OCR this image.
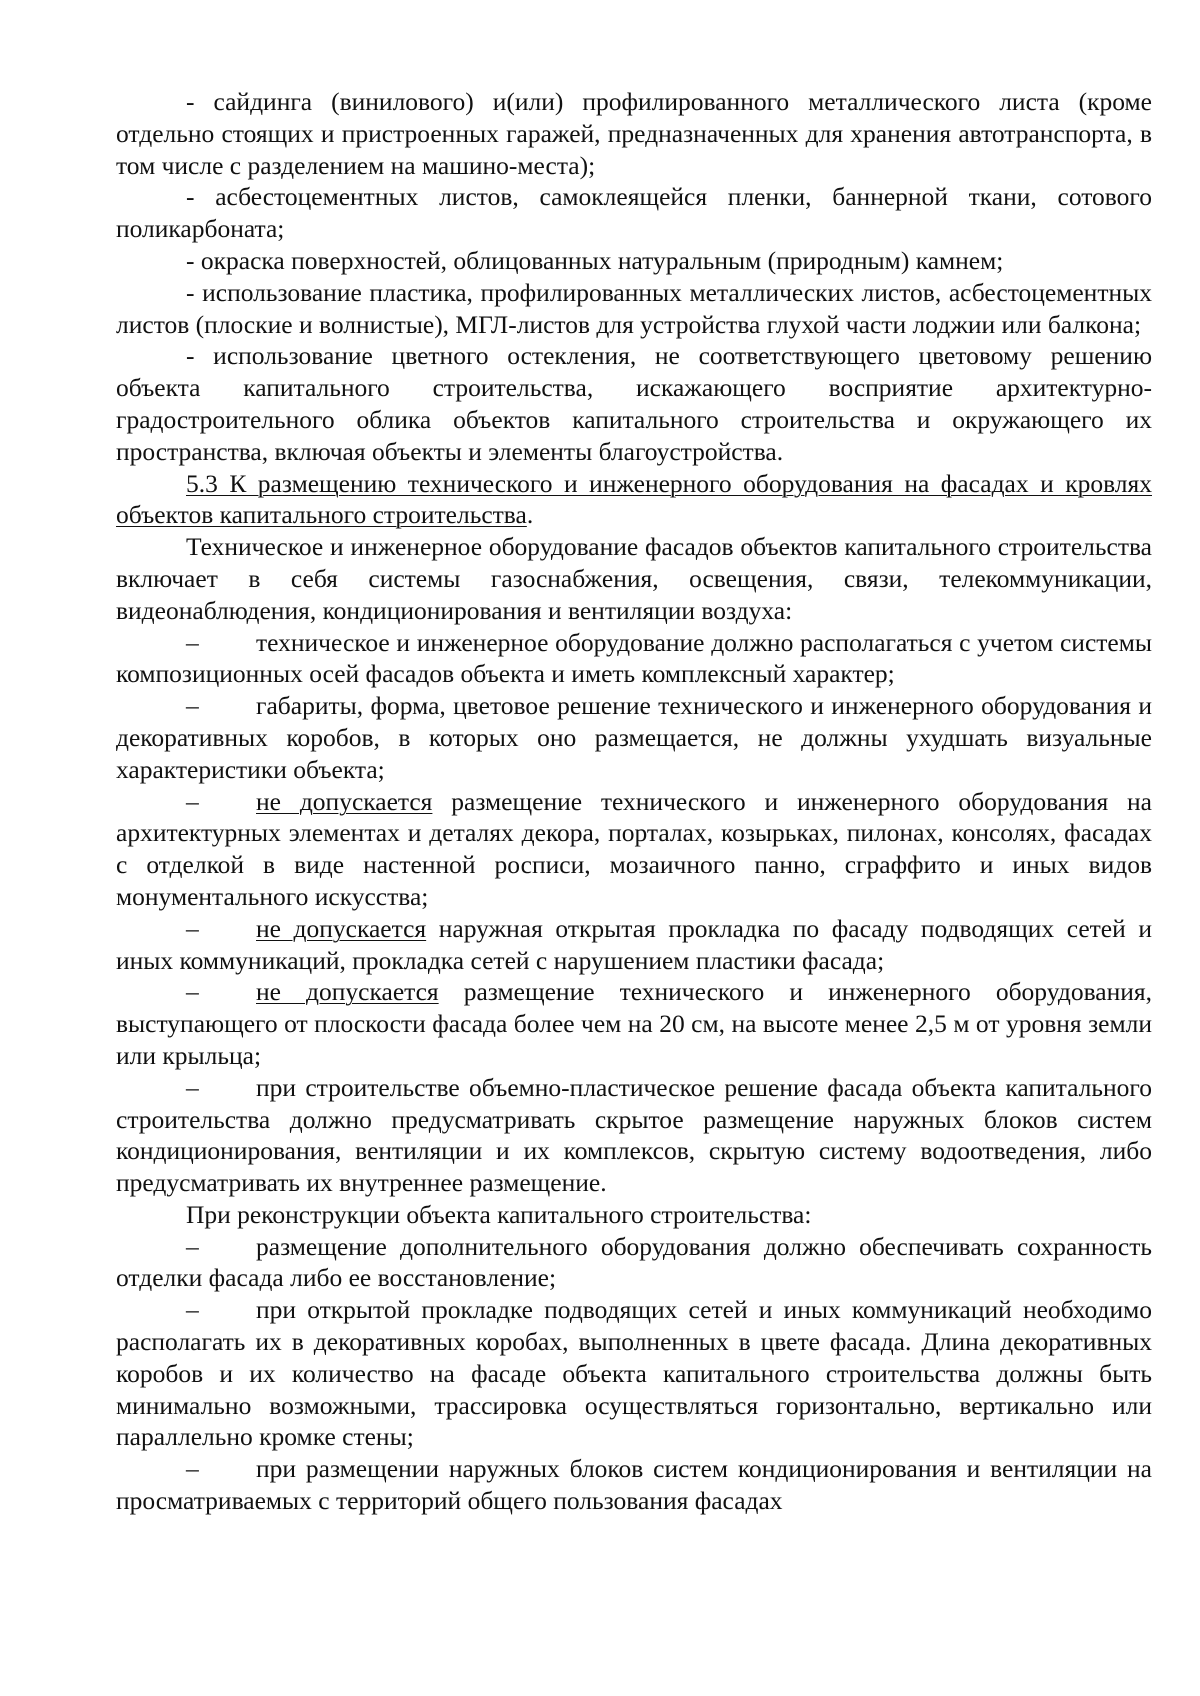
- сайдинга (винилового) и(или) профилированного металлического листа (кроме отдельно стоящих и пристроенных гаражей, предназначенных для хранения автотранспорта, в том числе с разделением на машино-места);

- асбестоцементных листов, самоклеящейся пленки, баннерной ткани, сотового поликарбоната;

- окраска поверхностей, облицованных натуральным (природным) камнем;

- использование пластика, профилированных металлических листов, асбестоцементных листов (плоские и волнистые), МГЛ-листов для устройства глухой части лоджии или балкона;

- использование цветного остекления, не соответствующего цветовому решению объекта капитального строительства, искажающего восприятие архитектурно-градостроительного облика объектов капитального строительства и окружающего их пространства, включая объекты и элементы благоустройства.

5.3 К размещению технического и инженерного оборудования на фасадах и кровлях объектов капитального строительства.

Техническое и инженерное оборудование фасадов объектов капитального строительства включает в себя системы газоснабжения, освещения, связи, телекоммуникации, видеонаблюдения, кондиционирования и вентиляции воздуха:

– техническое и инженерное оборудование должно располагаться с учетом системы композиционных осей фасадов объекта и иметь комплексный характер;

– габариты, форма, цветовое решение технического и инженерного оборудования и декоративных коробов, в которых оно размещается, не должны ухудшать визуальные характеристики объекта;

– не допускается размещение технического и инженерного оборудования на архитектурных элементах и деталях декора, порталах, козырьках, пилонах, консолях, фасадах с отделкой в виде настенной росписи, мозаичного панно, сграффито и иных видов монументального искусства;

– не допускается наружная открытая прокладка по фасаду подводящих сетей и иных коммуникаций, прокладка сетей с нарушением пластики фасада;

– не допускается размещение технического и инженерного оборудования, выступающего от плоскости фасада более чем на 20 см, на высоте менее 2,5 м от уровня земли или крыльца;

– при строительстве объемно-пластическое решение фасада объекта капитального строительства должно предусматривать скрытое размещение наружных блоков систем кондиционирования, вентиляции и их комплексов, скрытую систему водоотведения, либо предусматривать их внутреннее размещение.

При реконструкции объекта капитального строительства:

– размещение дополнительного оборудования должно обеспечивать сохранность отделки фасада либо ее восстановление;

– при открытой прокладке подводящих сетей и иных коммуникаций необходимо располагать их в декоративных коробах, выполненных в цвете фасада. Длина декоративных коробов и их количество на фасаде объекта капитального строительства должны быть минимально возможными, трассировка осуществляться горизонтально, вертикально или параллельно кромке стены;

– при размещении наружных блоков систем кондиционирования и вентиляции на просматриваемых с территорий общего пользования фасадах
